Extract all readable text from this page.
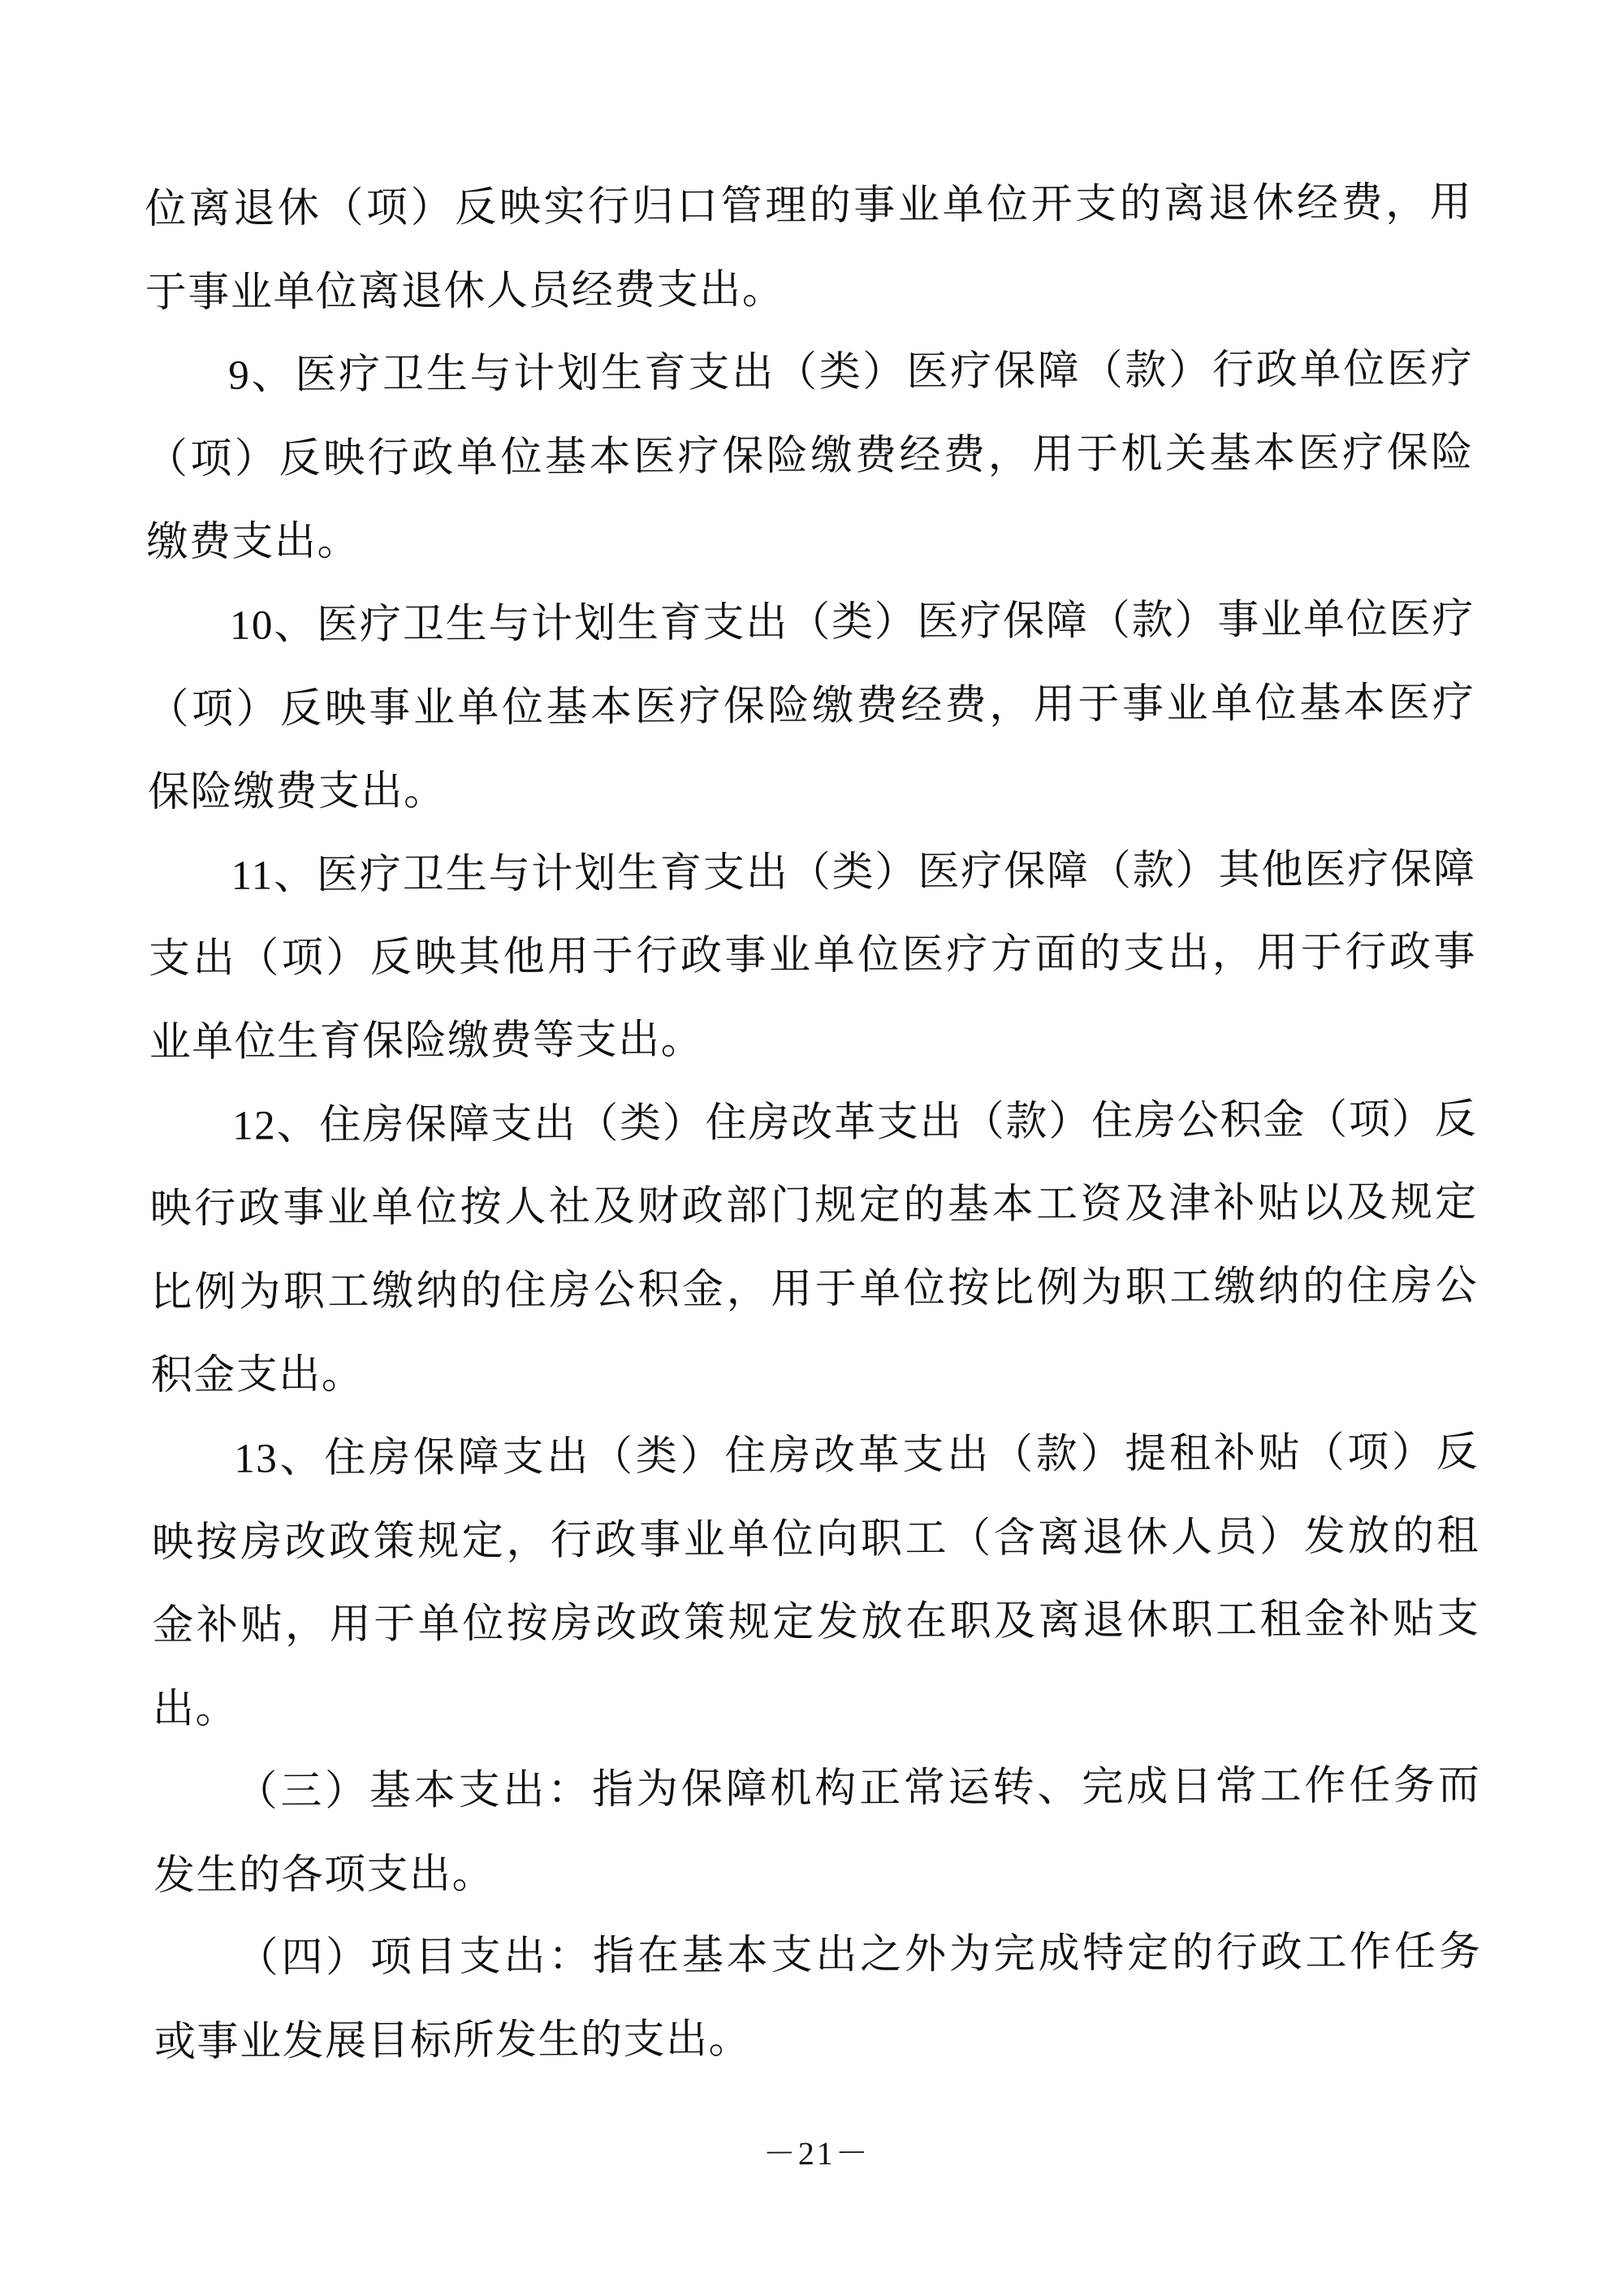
位离退休（项）反映实行归口管理的事业单位开支的离退休经费，用
于事业单位离退休人员经费支出。
9、医疗卫生与计划生育支出（类）医疗保障（款）行政单位医疗
（项）反映行政单位基本医疗保险缴费经费，用于机关基本医疗保险
缴费支出。
10、医疗卫生与计划生育支出（类）医疗保障（款）事业单位医疗
（项）反映事业单位基本医疗保险缴费经费，用于事业单位基本医疗
保险缴费支出。
11、医疗卫生与计划生育支出（类）医疗保障（款）其他医疗保障
支出（项）反映其他用于行政事业单位医疗方面的支出，用于行政事
业单位生育保险缴费等支出。
12、住房保障支出（类）住房改革支出（款）住房公积金（项）反
映行政事业单位按人社及财政部门规定的基本工资及津补贴以及规定
比例为职工缴纳的住房公积金，用于单位按比例为职工缴纳的住房公
积金支出。
13、住房保障支出（类）住房改革支出（款）提租补贴（项）反
映按房改政策规定，行政事业单位向职工（含离退休人员）发放的租
金补贴，用于单位按房改政策规定发放在职及离退休职工租金补贴支
出。
（三）基本支出：指为保障机构正常运转、完成日常工作任务而
发生的各项支出。
（四）项目支出：指在基本支出之外为完成特定的行政工作任务
或事业发展目标所发生的支出。
－21－
